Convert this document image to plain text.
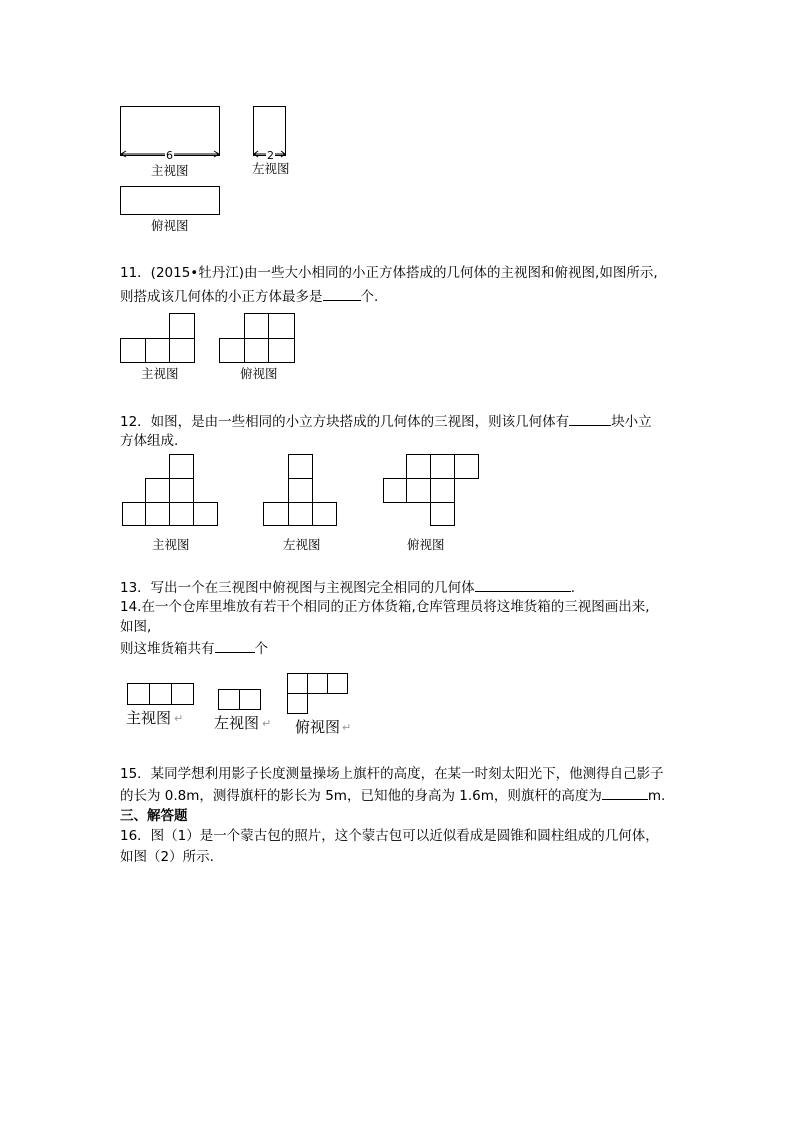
6
主视图
2
左视图
俯视图
11．(2015•牡丹江)由一些大小相同的小正方体搭成的几何体的主视图和俯视图,如图所示,
则搭成该几何体的小正方体最多是	个.
主视图	俯视图
12．如图，是由一些相同的小立方块搭成的几何体的三视图，则该几何体有	块小立
方体组成.
主视图	左视图	俯视图
13．写出一个在三视图中俯视图与主视图完全相同的几何体	.
14.在一个仓库里堆放有若干个相同的正方体货箱,仓库管理员将这堆货箱的三视图画出来,
如图,
则这堆货箱共有	个
主视图 ↵ 左视图 ↵ 俯视图 ↵
15．某同学想利用影子长度测量操场上旗杆的高度，在某一时刻太阳光下，他测得自己影子
的长为 0.8m，测得旗杆的影长为 5m，已知他的身高为 1.6m，则旗杆的高度为	m.
三、解答题
16．图（1）是一个蒙古包的照片，这个蒙古包可以近似看成是圆锥和圆柱组成的几何体，
如图（2）所示.
